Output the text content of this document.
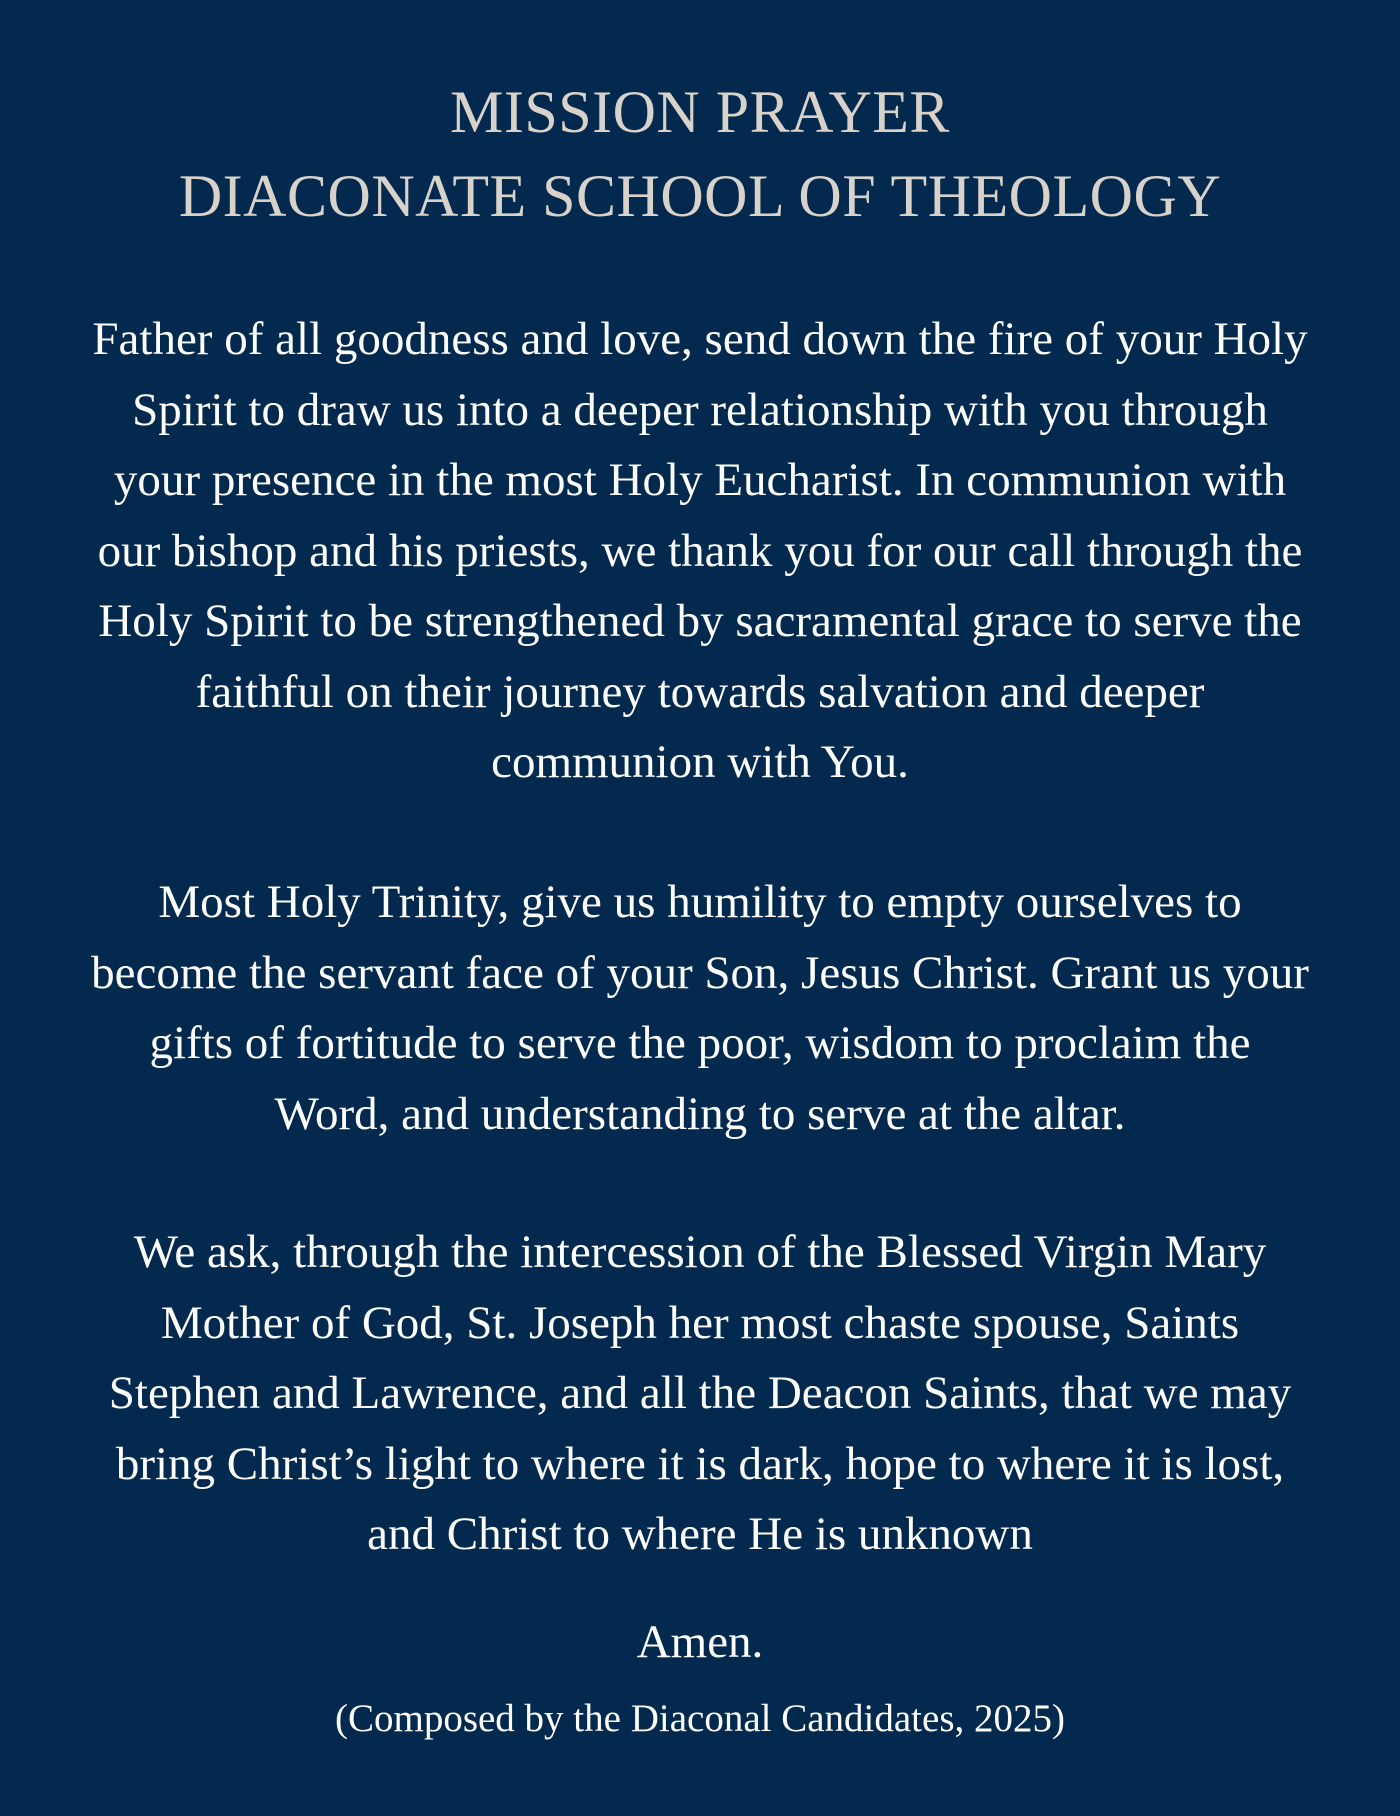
MISSION PRAYER
DIACONATE SCHOOL OF THEOLOGY

Father of all goodness and love, send down the fire of your Holy Spirit to draw us into a deeper relationship with you through your presence in the most Holy Eucharist. In communion with our bishop and his priests, we thank you for our call through the Holy Spirit to be strengthened by sacramental grace to serve the faithful on their journey towards salvation and deeper communion with You.

Most Holy Trinity, give us humility to empty ourselves to become the servant face of your Son, Jesus Christ. Grant us your gifts of fortitude to serve the poor, wisdom to proclaim the Word, and understanding to serve at the altar.

We ask, through the intercession of the Blessed Virgin Mary Mother of God, St. Joseph her most chaste spouse, Saints Stephen and Lawrence, and all the Deacon Saints, that we may bring Christ’s light to where it is dark, hope to where it is lost, and Christ to where He is unknown

Amen.

(Composed by the Diaconal Candidates, 2025)
